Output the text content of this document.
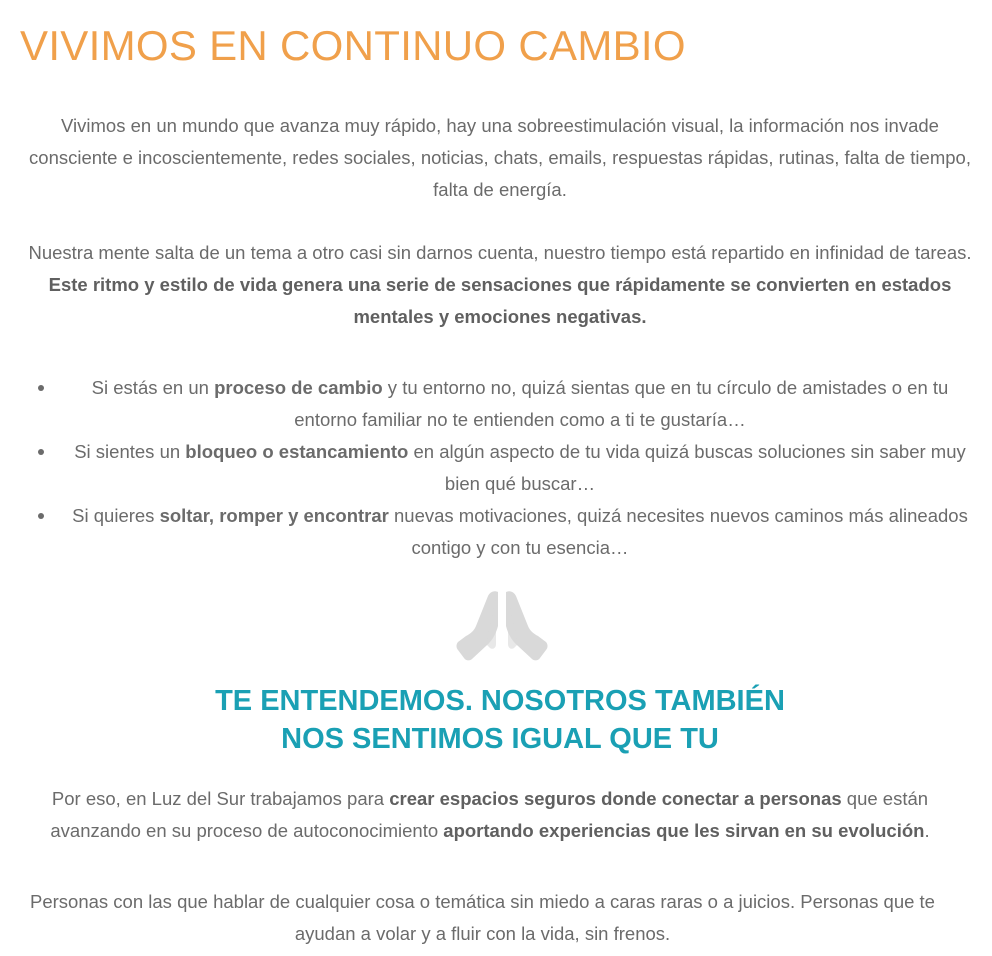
VIVIMOS EN CONTINUO CAMBIO

Vivimos en un mundo que avanza muy rápido, hay una sobreestimulación visual, la información nos invade consciente e incoscientemente, redes sociales, noticias, chats, emails, respuestas rápidas, rutinas, falta de tiempo, falta de energía.

Nuestra mente salta de un tema a otro casi sin darnos cuenta, nuestro tiempo está repartido en infinidad de tareas. Este ritmo y estilo de vida genera una serie de sensaciones que rápidamente se convierten en estados mentales y emociones negativas.

Si estás en un proceso de cambio y tu entorno no, quizá sientas que en tu círculo de amistades o en tu entorno familiar no te entienden como a ti te gustaría…
Si sientes un bloqueo o estancamiento en algún aspecto de tu vida quizá buscas soluciones sin saber muy bien qué buscar…
Si quieres soltar, romper y encontrar nuevas motivaciones, quizá necesites nuevos caminos más alineados contigo y con tu esencia…
TE ENTENDEMOS. NOSOTROS TAMBIÉN
NOS SENTIMOS IGUAL QUE TU

Por eso, en Luz del Sur trabajamos para crear espacios seguros donde conectar a personas que están avanzando en su proceso de autoconocimiento aportando experiencias que les sirvan en su evolución.

Personas con las que hablar de cualquier cosa o temática sin miedo a caras raras o a juicios. Personas que te ayudan a volar y a fluir con la vida, sin frenos.
